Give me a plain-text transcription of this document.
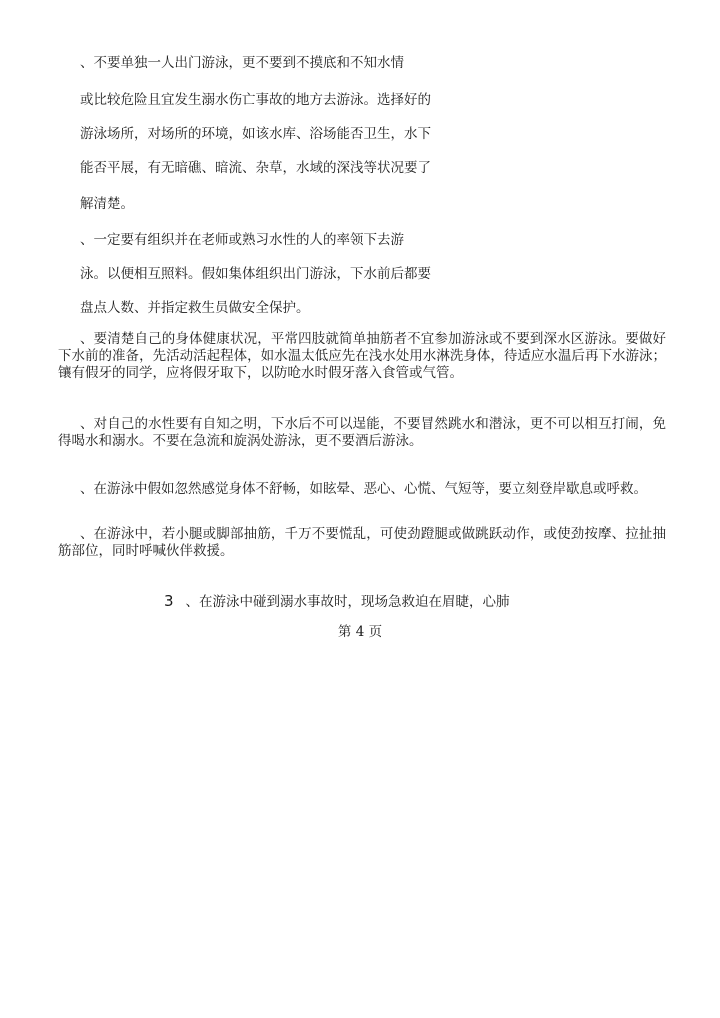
、不要单独一人出门游泳，更不要到不摸底和不知水情
或比较危险且宜发生溺水伤亡事故的地方去游泳。选择好的
游泳场所，对场所的环境，如该水库、浴场能否卫生，水下
能否平展，有无暗礁、暗流、杂草，水域的深浅等状况要了
解清楚。
、一定要有组织并在老师或熟习水性的人的率领下去游
泳。以便相互照料。假如集体组织出门游泳，下水前后都要
盘点人数、并指定救生员做安全保护。
、要清楚自己的身体健康状况，平常四肢就简单抽筋者不宜参加游泳或不要到深水区游泳。要做好下水前的准备，先活动活起程体，如水温太低应先在浅水处用水淋洗身体，待适应水温后再下水游泳；镶有假牙的同学，应将假牙取下，以防呛水时假牙落入食管或气管。
、对自己的水性要有自知之明，下水后不可以逞能，不要冒然跳水和潜泳，更不可以相互打闹，免得喝水和溺水。不要在急流和旋涡处游泳，更不要酒后游泳。
、在游泳中假如忽然感觉身体不舒畅，如眩晕、恶心、心慌、气短等，要立刻登岸歇息或呼救。
、在游泳中，若小腿或脚部抽筋，千万不要慌乱，可使劲蹬腿或做跳跃动作，或使劲按摩、拉扯抽筋部位，同时呼喊伙伴救援。
3 、在游泳中碰到溺水事故时，现场急救迫在眉睫，心肺
第 4 页
